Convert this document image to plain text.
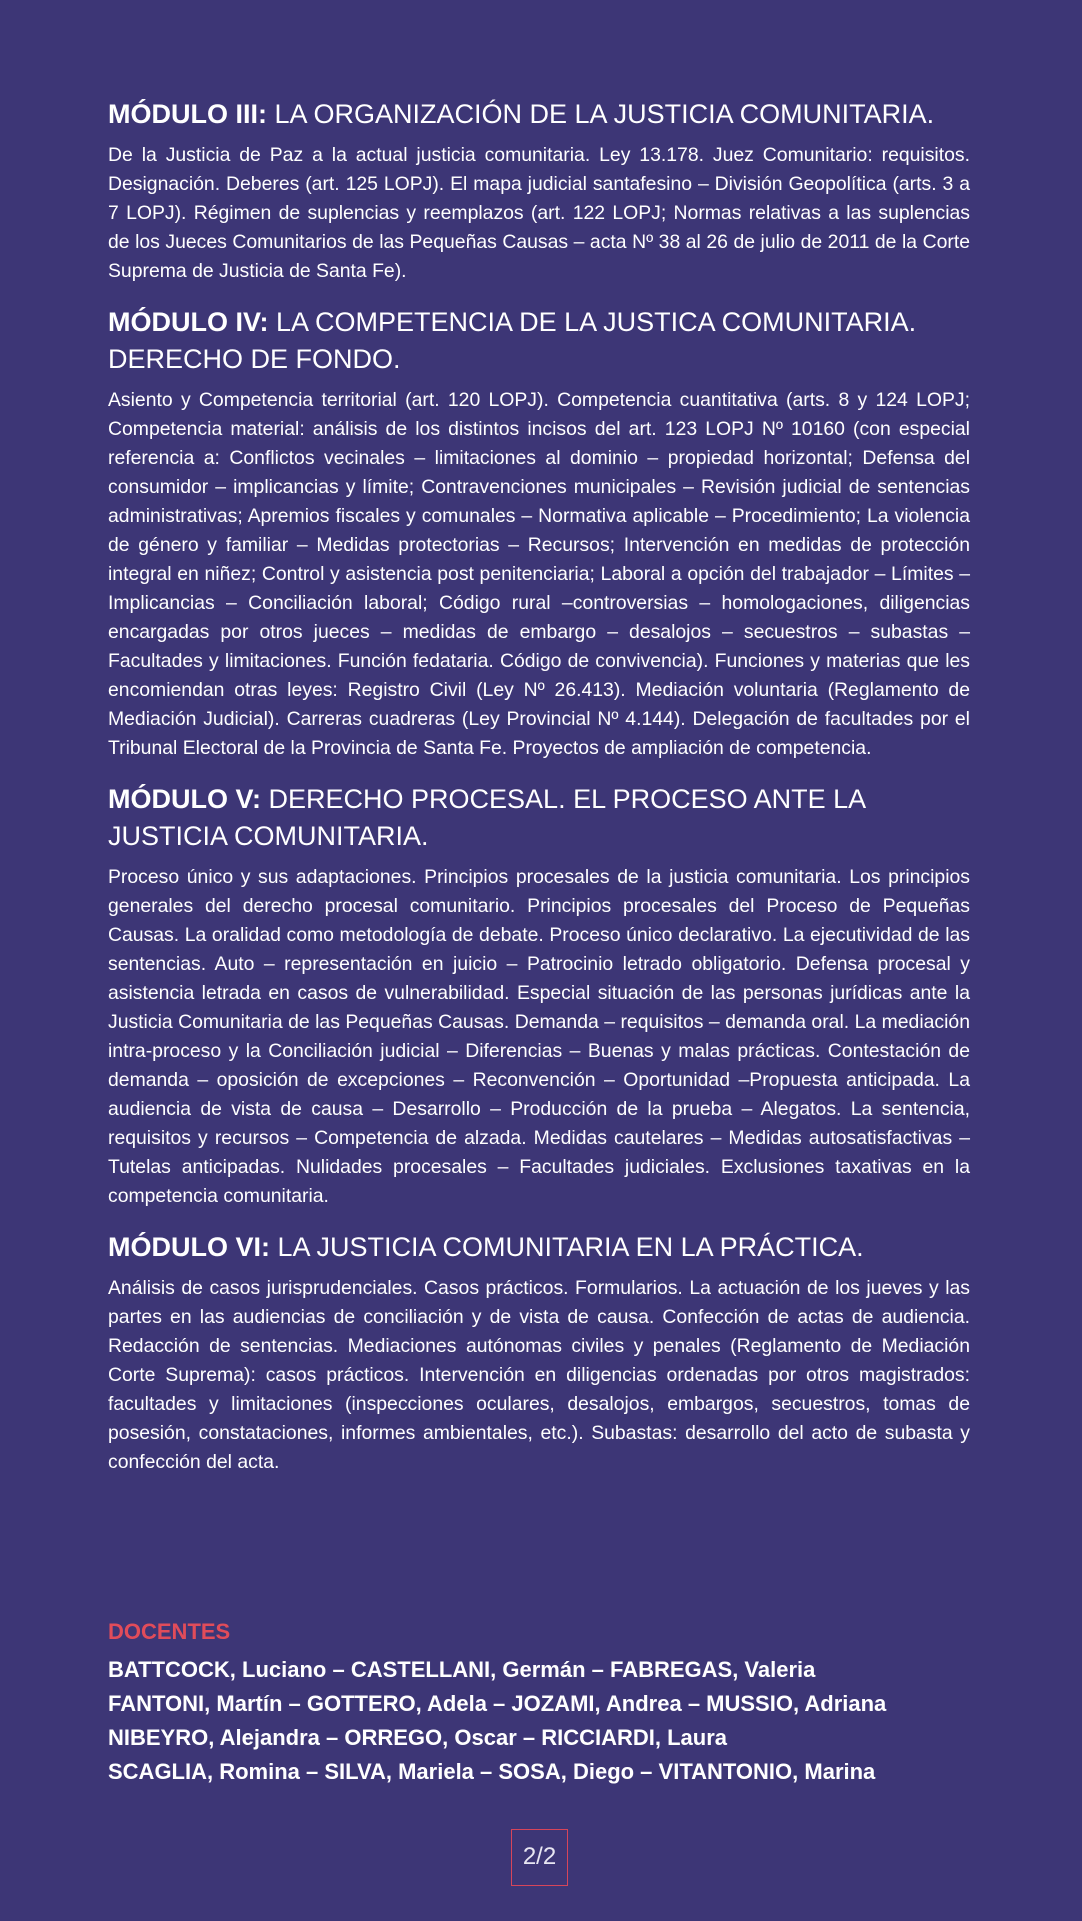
MÓDULO III: LA ORGANIZACIÓN DE LA JUSTICIA COMUNITARIA.

De la Justicia de Paz a la actual justicia comunitaria. Ley 13.178. Juez Comunitario: requisitos. Designación. Deberes (art. 125 LOPJ). El mapa judicial santafesino – División Geopolítica (arts. 3 a 7 LOPJ). Régimen de suplencias y reemplazos (art. 122 LOPJ; Normas relativas a las suplencias de los Jueces Comunitarios de las Pequeñas Causas – acta Nº 38 al 26 de julio de 2011 de la Corte Suprema de Justicia de Santa Fe).

MÓDULO IV: LA COMPETENCIA DE LA JUSTICA COMUNITARIA. DERECHO DE FONDO.

Asiento y Competencia territorial (art. 120 LOPJ). Competencia cuantitativa (arts. 8 y 124 LOPJ; Competencia material: análisis de los distintos incisos del art. 123 LOPJ Nº 10160 (con especial referencia a: Conflictos vecinales – limitaciones al dominio – propiedad horizontal; Defensa del consumidor – implicancias y límite; Contravenciones municipales – Revisión judicial de sentencias administrativas; Apremios fiscales y comunales – Normativa aplicable – Procedimiento; La violencia de género y familiar – Medidas protectorias – Recursos; Intervención en medidas de protección integral en niñez; Control y asistencia post penitenciaria; Laboral a opción del trabajador – Límites – Implicancias – Conciliación laboral; Código rural –controversias – homologaciones, diligencias encargadas por otros jueces – medidas de embargo – desalojos – secuestros – subastas – Facultades y limitaciones. Función fedataria. Código de convivencia). Funciones y materias que les encomiendan otras leyes: Registro Civil (Ley Nº 26.413). Mediación voluntaria (Reglamento de Mediación Judicial). Carreras cuadreras (Ley Provincial Nº 4.144). Delegación de facultades por el Tribunal Electoral de la Provincia de Santa Fe. Proyectos de ampliación de competencia.

MÓDULO V: DERECHO PROCESAL. EL PROCESO ANTE LA JUSTICIA COMUNITARIA.

Proceso único y sus adaptaciones. Principios procesales de la justicia comunitaria. Los principios generales del derecho procesal comunitario. Principios procesales del Proceso de Pequeñas Causas. La oralidad como metodología de debate. Proceso único declarativo. La ejecutividad de las sentencias. Auto – representación en juicio – Patrocinio letrado obligatorio. Defensa procesal y asistencia letrada en casos de vulnerabilidad. Especial situación de las personas jurídicas ante la Justicia Comunitaria de las Pequeñas Causas. Demanda – requisitos – demanda oral. La mediación intra-proceso y la Conciliación judicial – Diferencias – Buenas y malas prácticas. Contestación de demanda – oposición de excepciones – Reconvención – Oportunidad –Propuesta anticipada. La audiencia de vista de causa – Desarrollo – Producción de la prueba – Alegatos. La sentencia, requisitos y recursos – Competencia de alzada. Medidas cautelares – Medidas autosatisfactivas – Tutelas anticipadas. Nulidades procesales – Facultades judiciales. Exclusiones taxativas en la competencia comunitaria.

MÓDULO VI: LA JUSTICIA COMUNITARIA EN LA PRÁCTICA.

Análisis de casos jurisprudenciales. Casos prácticos. Formularios. La actuación de los jueves y las partes en las audiencias de conciliación y de vista de causa. Confección de actas de audiencia. Redacción de sentencias. Mediaciones autónomas civiles y penales (Reglamento de Mediación Corte Suprema): casos prácticos. Intervención en diligencias ordenadas por otros magistrados: facultades y limitaciones (inspecciones oculares, desalojos, embargos, secuestros, tomas de posesión, constataciones, informes ambientales, etc.). Subastas: desarrollo del acto de subasta y confección del acta.

DOCENTES
BATTCOCK, Luciano – CASTELLANI, Germán – FABREGAS, Valeria
FANTONI, Martín – GOTTERO, Adela – JOZAMI, Andrea – MUSSIO, Adriana
NIBEYRO, Alejandra – ORREGO, Oscar – RICCIARDI, Laura
SCAGLIA, Romina – SILVA, Mariela – SOSA, Diego – VITANTONIO, Marina
2/2
